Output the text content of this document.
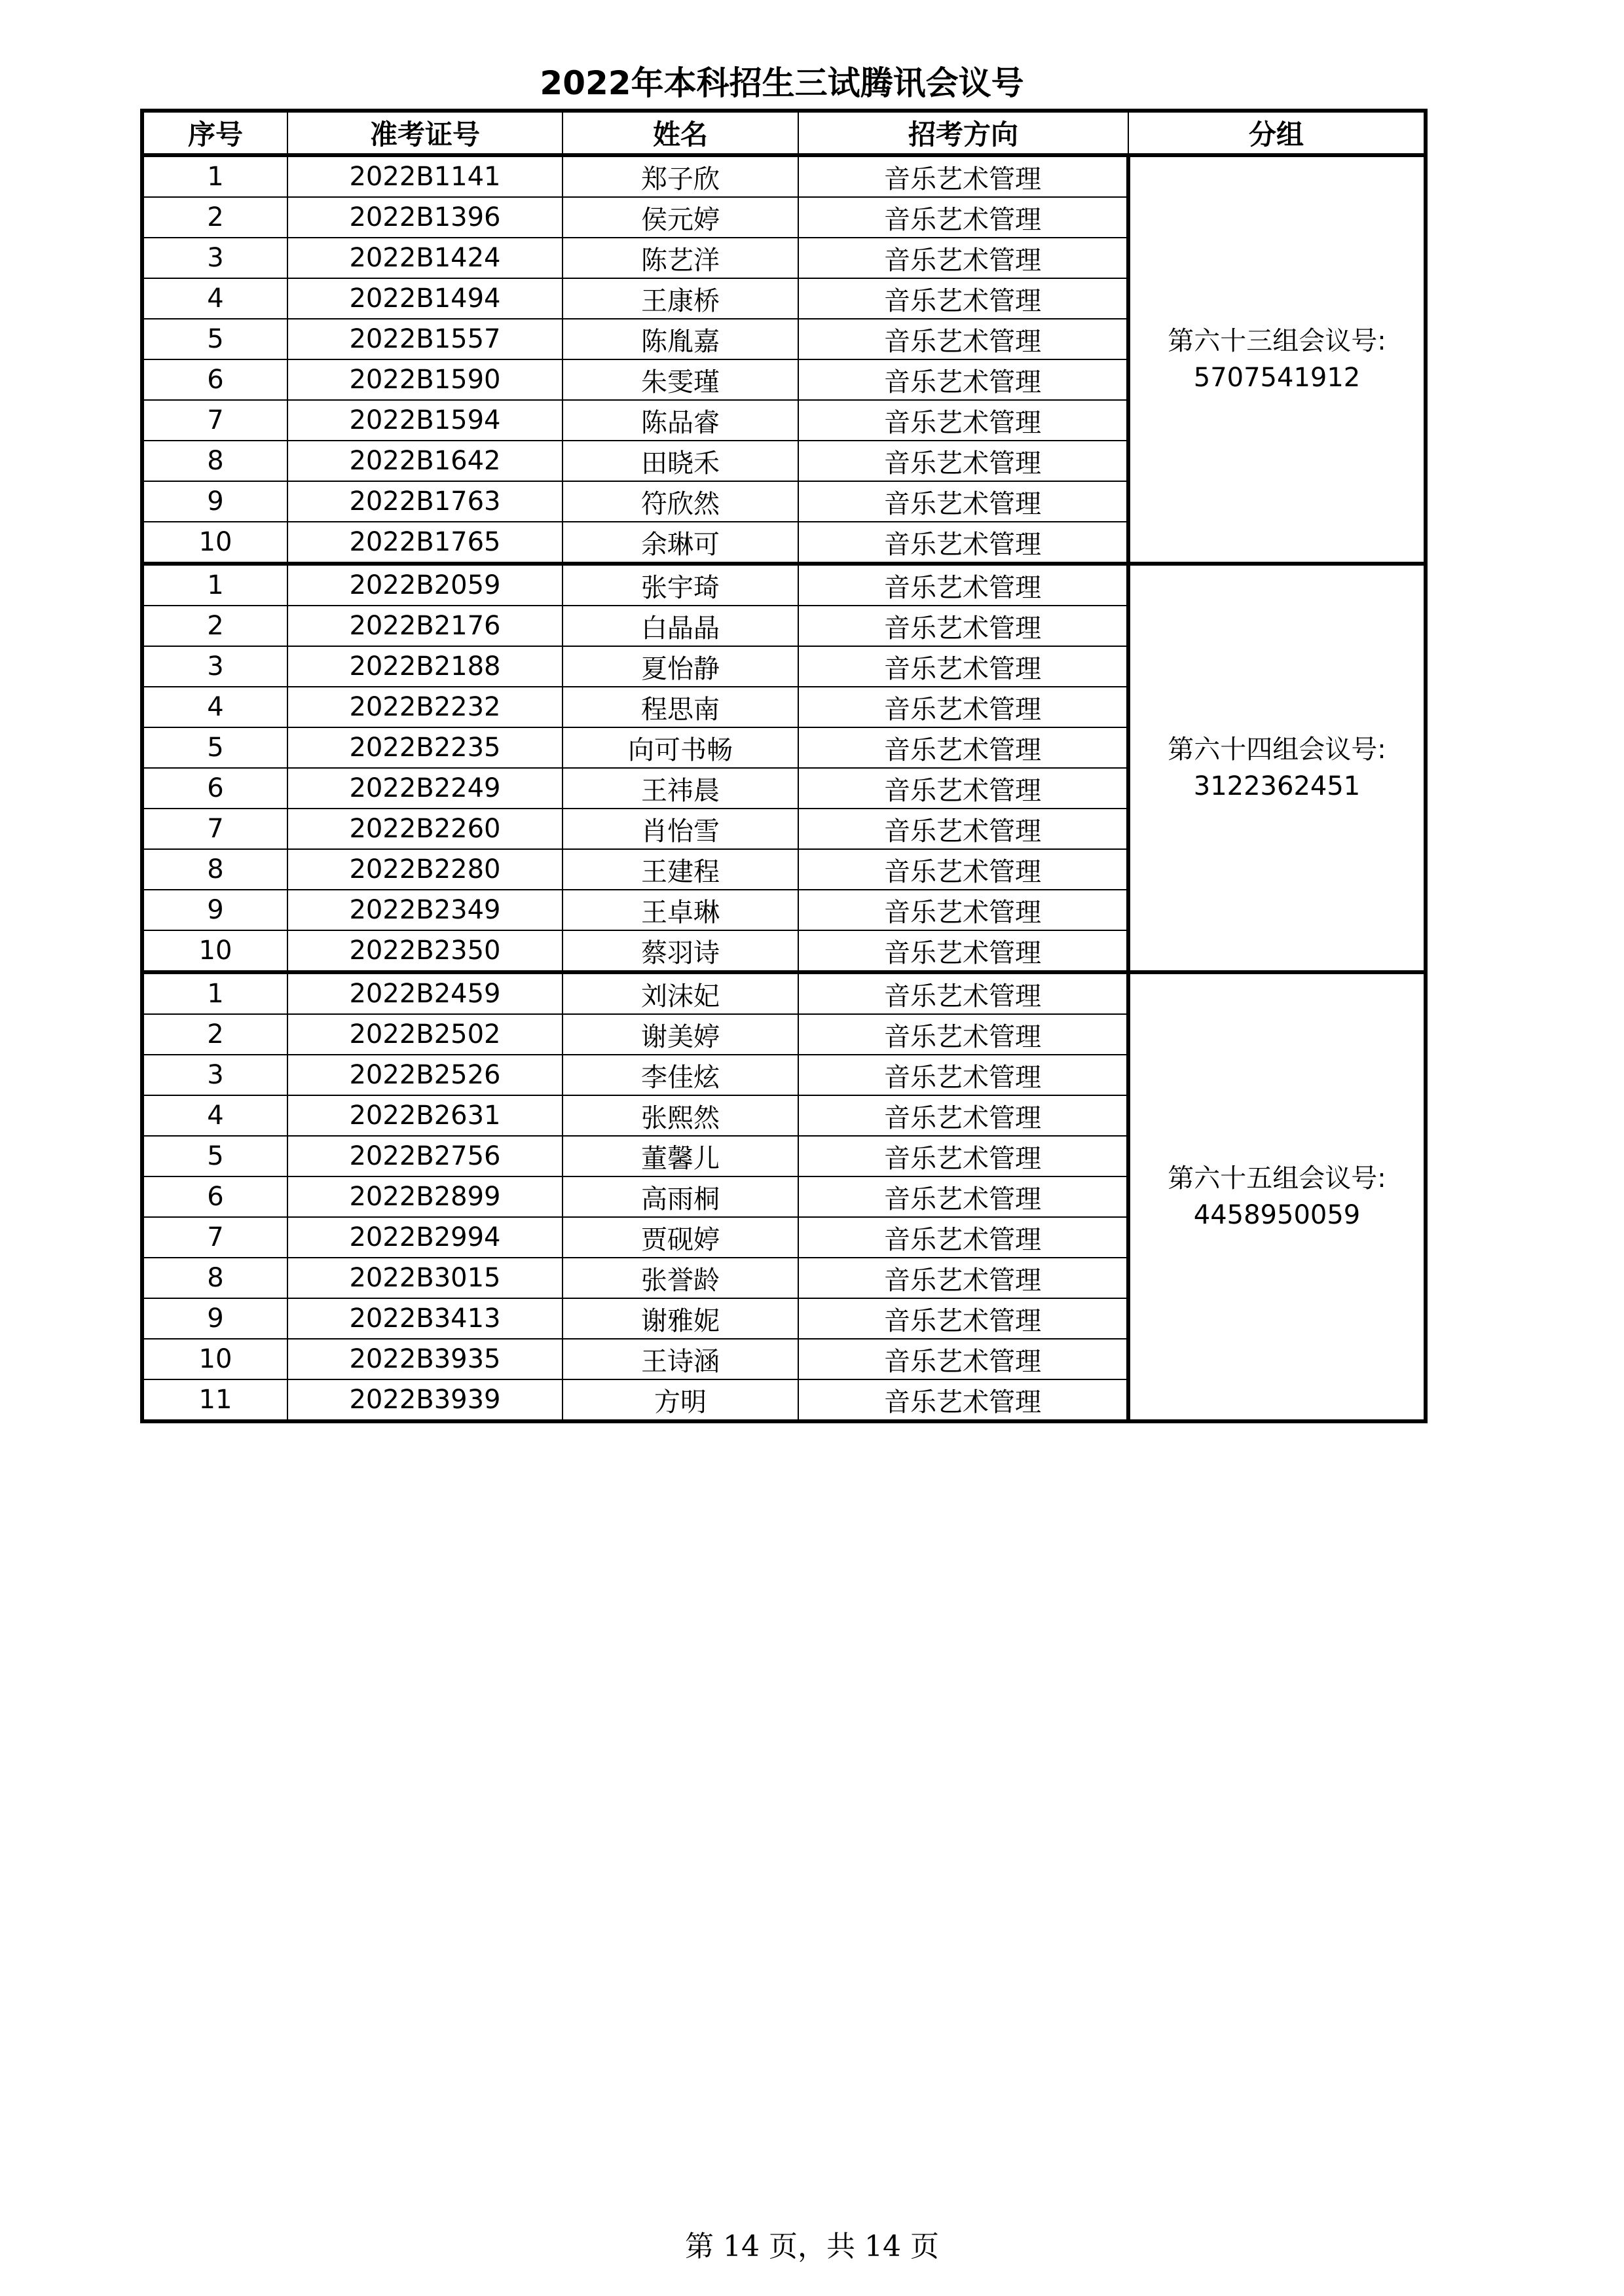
2022年本科招生三试腾讯会议号
序号	准考证号	姓名	招考方向	分组
1	2022B1141	郑子欣	音乐艺术管理	第六十三组会议号:
5707541912

2	2022B1396	侯元婷	音乐艺术管理	
3	2022B1424	陈艺洋	音乐艺术管理	
4	2022B1494	王康桥	音乐艺术管理	
5	2022B1557	陈胤嘉	音乐艺术管理	
6	2022B1590	朱雯瑾	音乐艺术管理	
7	2022B1594	陈品睿	音乐艺术管理	
8	2022B1642	田晓禾	音乐艺术管理	
9	2022B1763	符欣然	音乐艺术管理	
10	2022B1765	余琳可	音乐艺术管理	
1	2022B2059	张宇琦	音乐艺术管理	第六十四组会议号:
3122362451

2	2022B2176	白晶晶	音乐艺术管理	
3	2022B2188	夏怡静	音乐艺术管理	
4	2022B2232	程思南	音乐艺术管理	
5	2022B2235	向可书畅	音乐艺术管理	
6	2022B2249	王祎晨	音乐艺术管理	
7	2022B2260	肖怡雪	音乐艺术管理	
8	2022B2280	王建程	音乐艺术管理	
9	2022B2349	王卓琳	音乐艺术管理	
10	2022B2350	蔡羽诗	音乐艺术管理	
1	2022B2459	刘沫妃	音乐艺术管理	第六十五组会议号:
4458950059

2	2022B2502	谢美婷	音乐艺术管理	
3	2022B2526	李佳炫	音乐艺术管理	
4	2022B2631	张熙然	音乐艺术管理	
5	2022B2756	董馨儿	音乐艺术管理	
6	2022B2899	高雨桐	音乐艺术管理	
7	2022B2994	贾砚婷	音乐艺术管理	
8	2022B3015	张誉龄	音乐艺术管理	
9	2022B3413	谢雅妮	音乐艺术管理	
10	2022B3935	王诗涵	音乐艺术管理	
11	2022B3939	方明	音乐艺术管理	
第 14 页，共 14 页
